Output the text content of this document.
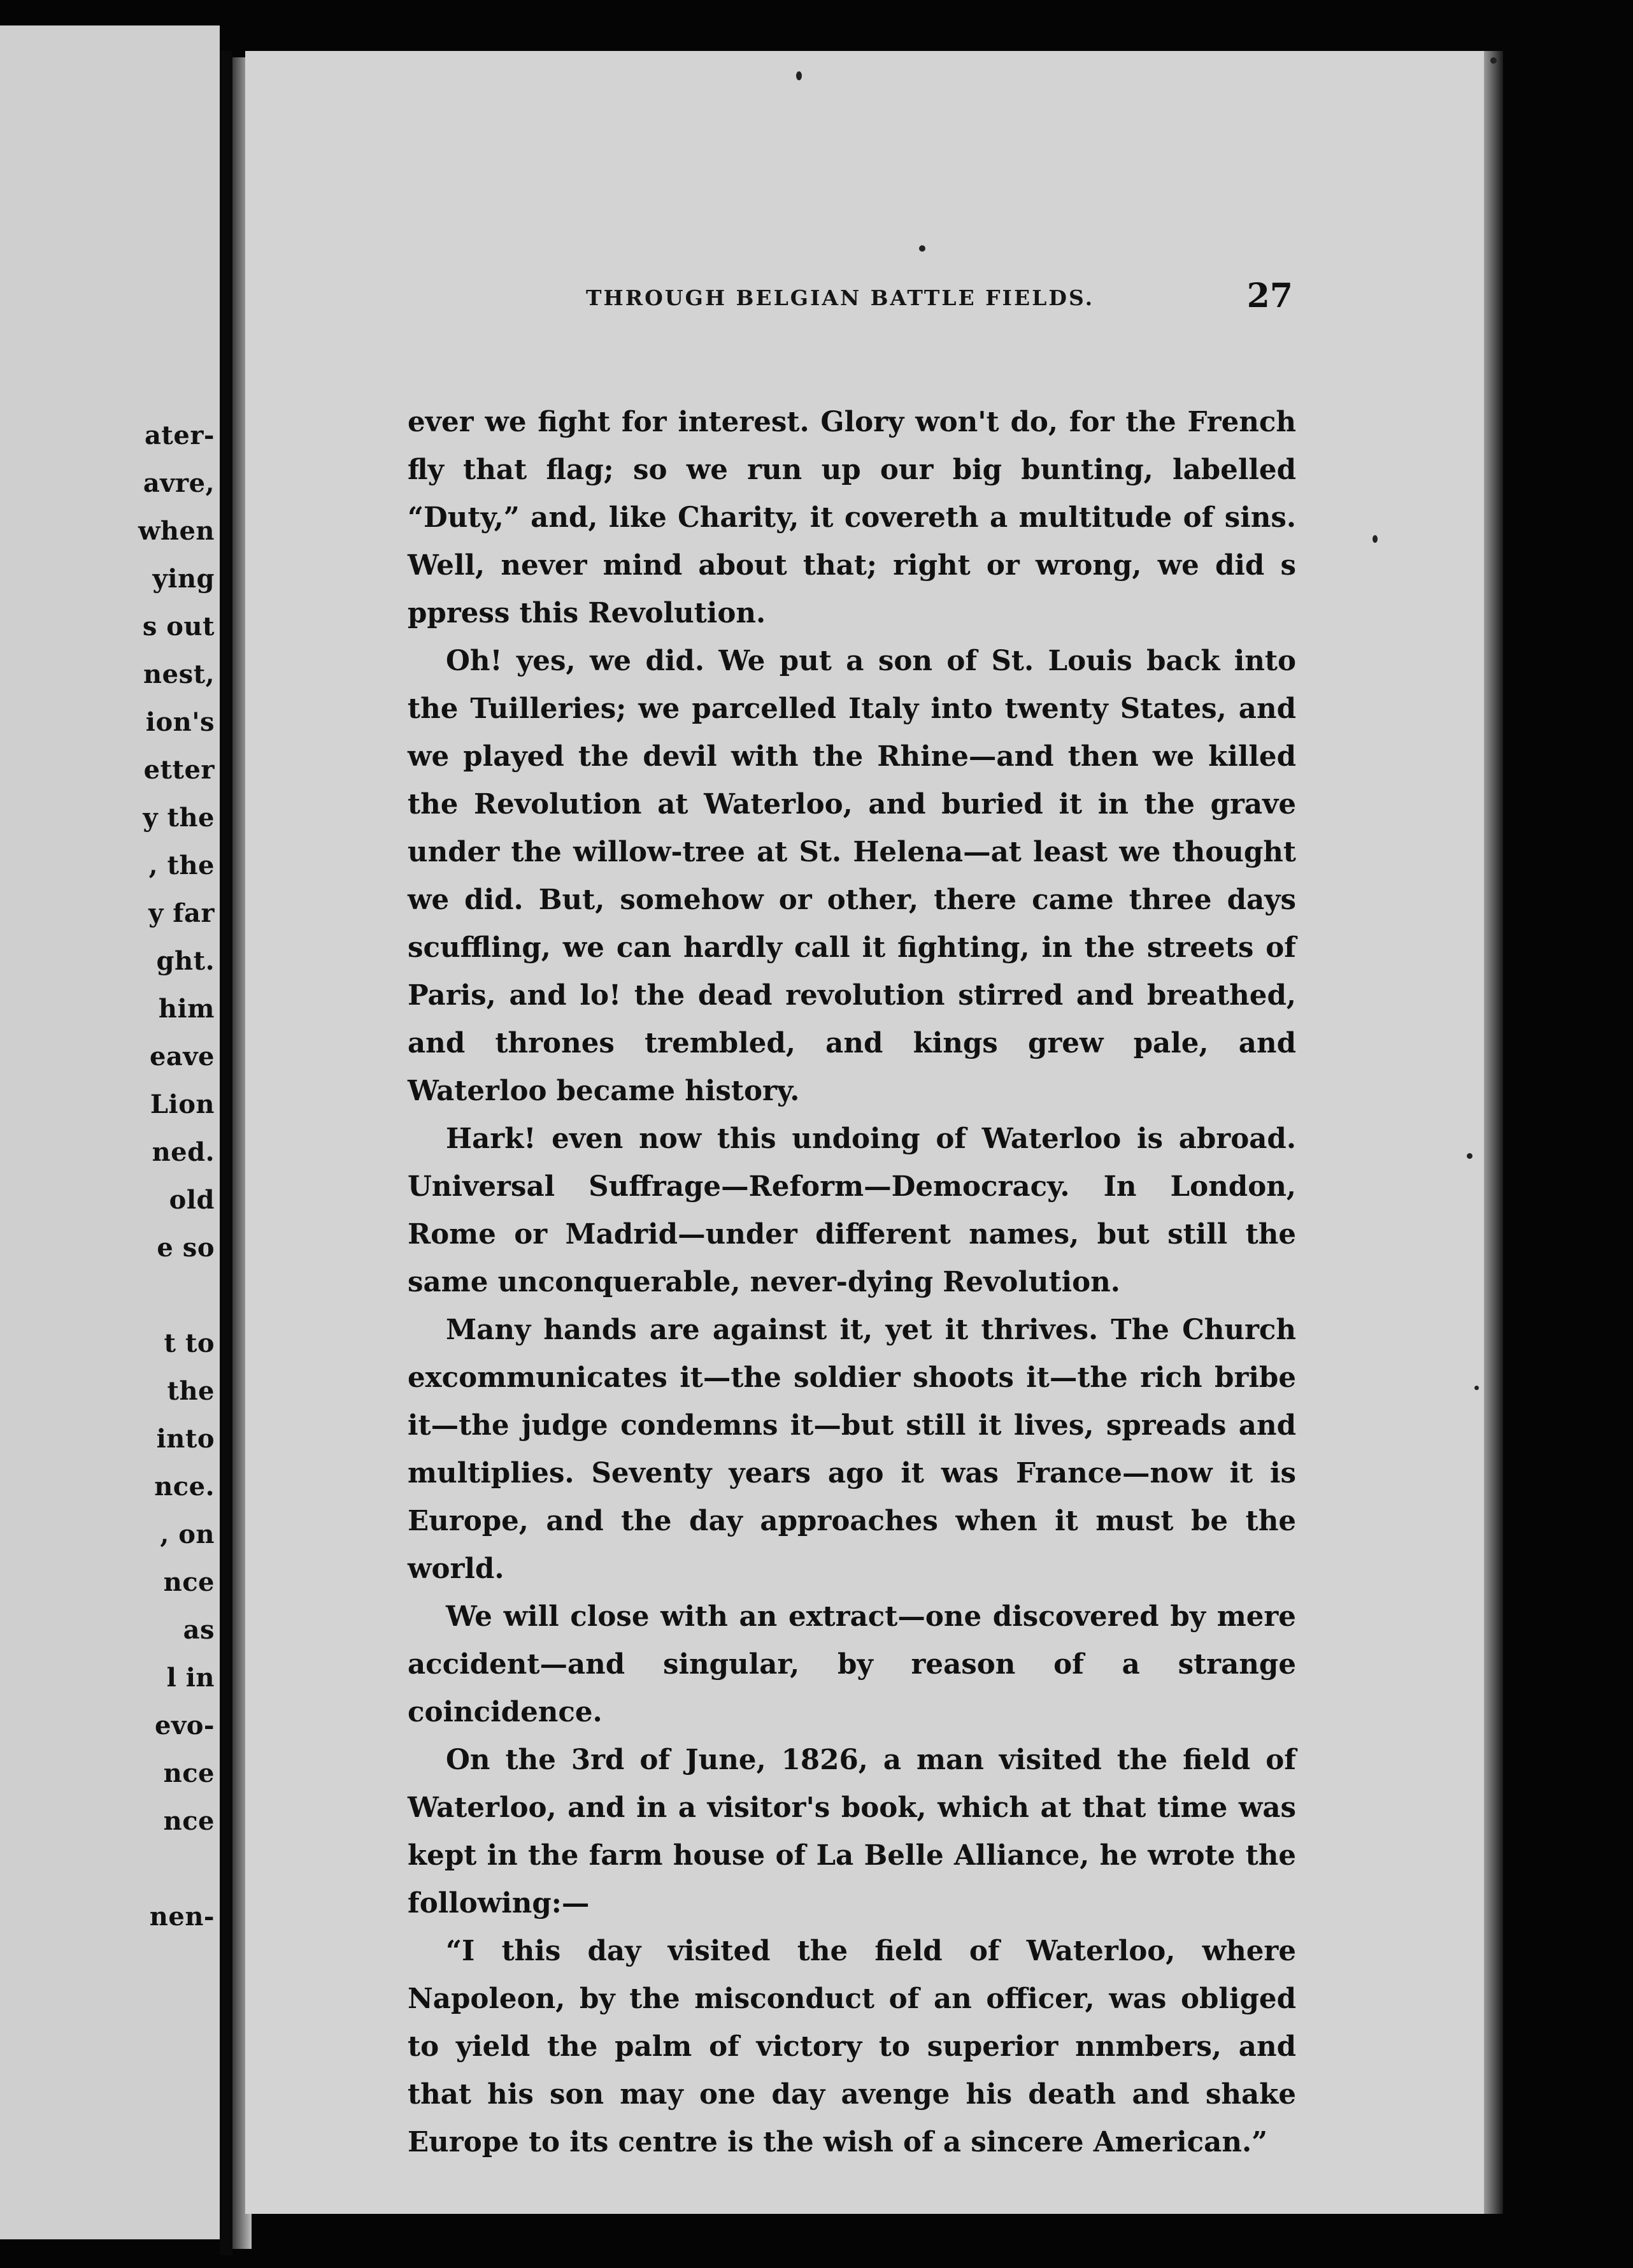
ater-
avre,
when
ying
s out
nest,
ion's
etter
y the
, the
y far
ght.
him
eave
Lion
ned.
old
e so
t to
the
into
nce.
, on
nce
as
l in
evo-
nce
nce
nen-
THROUGH BELGIAN BATTLE FIELDS.	27

ever we fight for interest. Glory won't do, for the French fly that flag; so we run up our big bunting, labelled “Duty,” and, like Charity, it covereth a multitude of sins. Well, never mind about that; right or wrong, we did s ppress this Revolution.

Oh! yes, we did. We put a son of St. Louis back into the Tuilleries; we parcelled Italy into twenty States, and we played the devil with the Rhine—and then we killed the Revolution at Waterloo, and buried it in the grave under the willow-tree at St. Helena—at least we thought we did. But, somehow or other, there came three days scuffling, we can hardly call it fighting, in the streets of Paris, and lo! the dead revolution stirred and breathed, and thrones trembled, and kings grew pale, and Waterloo became history.

Hark! even now this undoing of Waterloo is abroad. Universal Suffrage—Reform—Democracy. In London, Rome or Madrid—under different names, but still the same unconquerable, never-dying Revolution.

Many hands are against it, yet it thrives. The Church excommunicates it—the soldier shoots it—the rich bribe it—the judge condemns it—but still it lives, spreads and multiplies. Seventy years ago it was France—now it is Europe, and the day approaches when it must be the world.

We will close with an extract—one discovered by mere accident—and singular, by reason of a strange coincidence.

On the 3rd of June, 1826, a man visited the field of Waterloo, and in a visitor's book, which at that time was kept in the farm house of La Belle Alliance, he wrote the following:—

“I this day visited the field of Waterloo, where Napoleon, by the misconduct of an officer, was obliged to yield the palm of victory to superior nnmbers, and that his son may one day avenge his death and shake Europe to its centre is the wish of a sincere American.”
